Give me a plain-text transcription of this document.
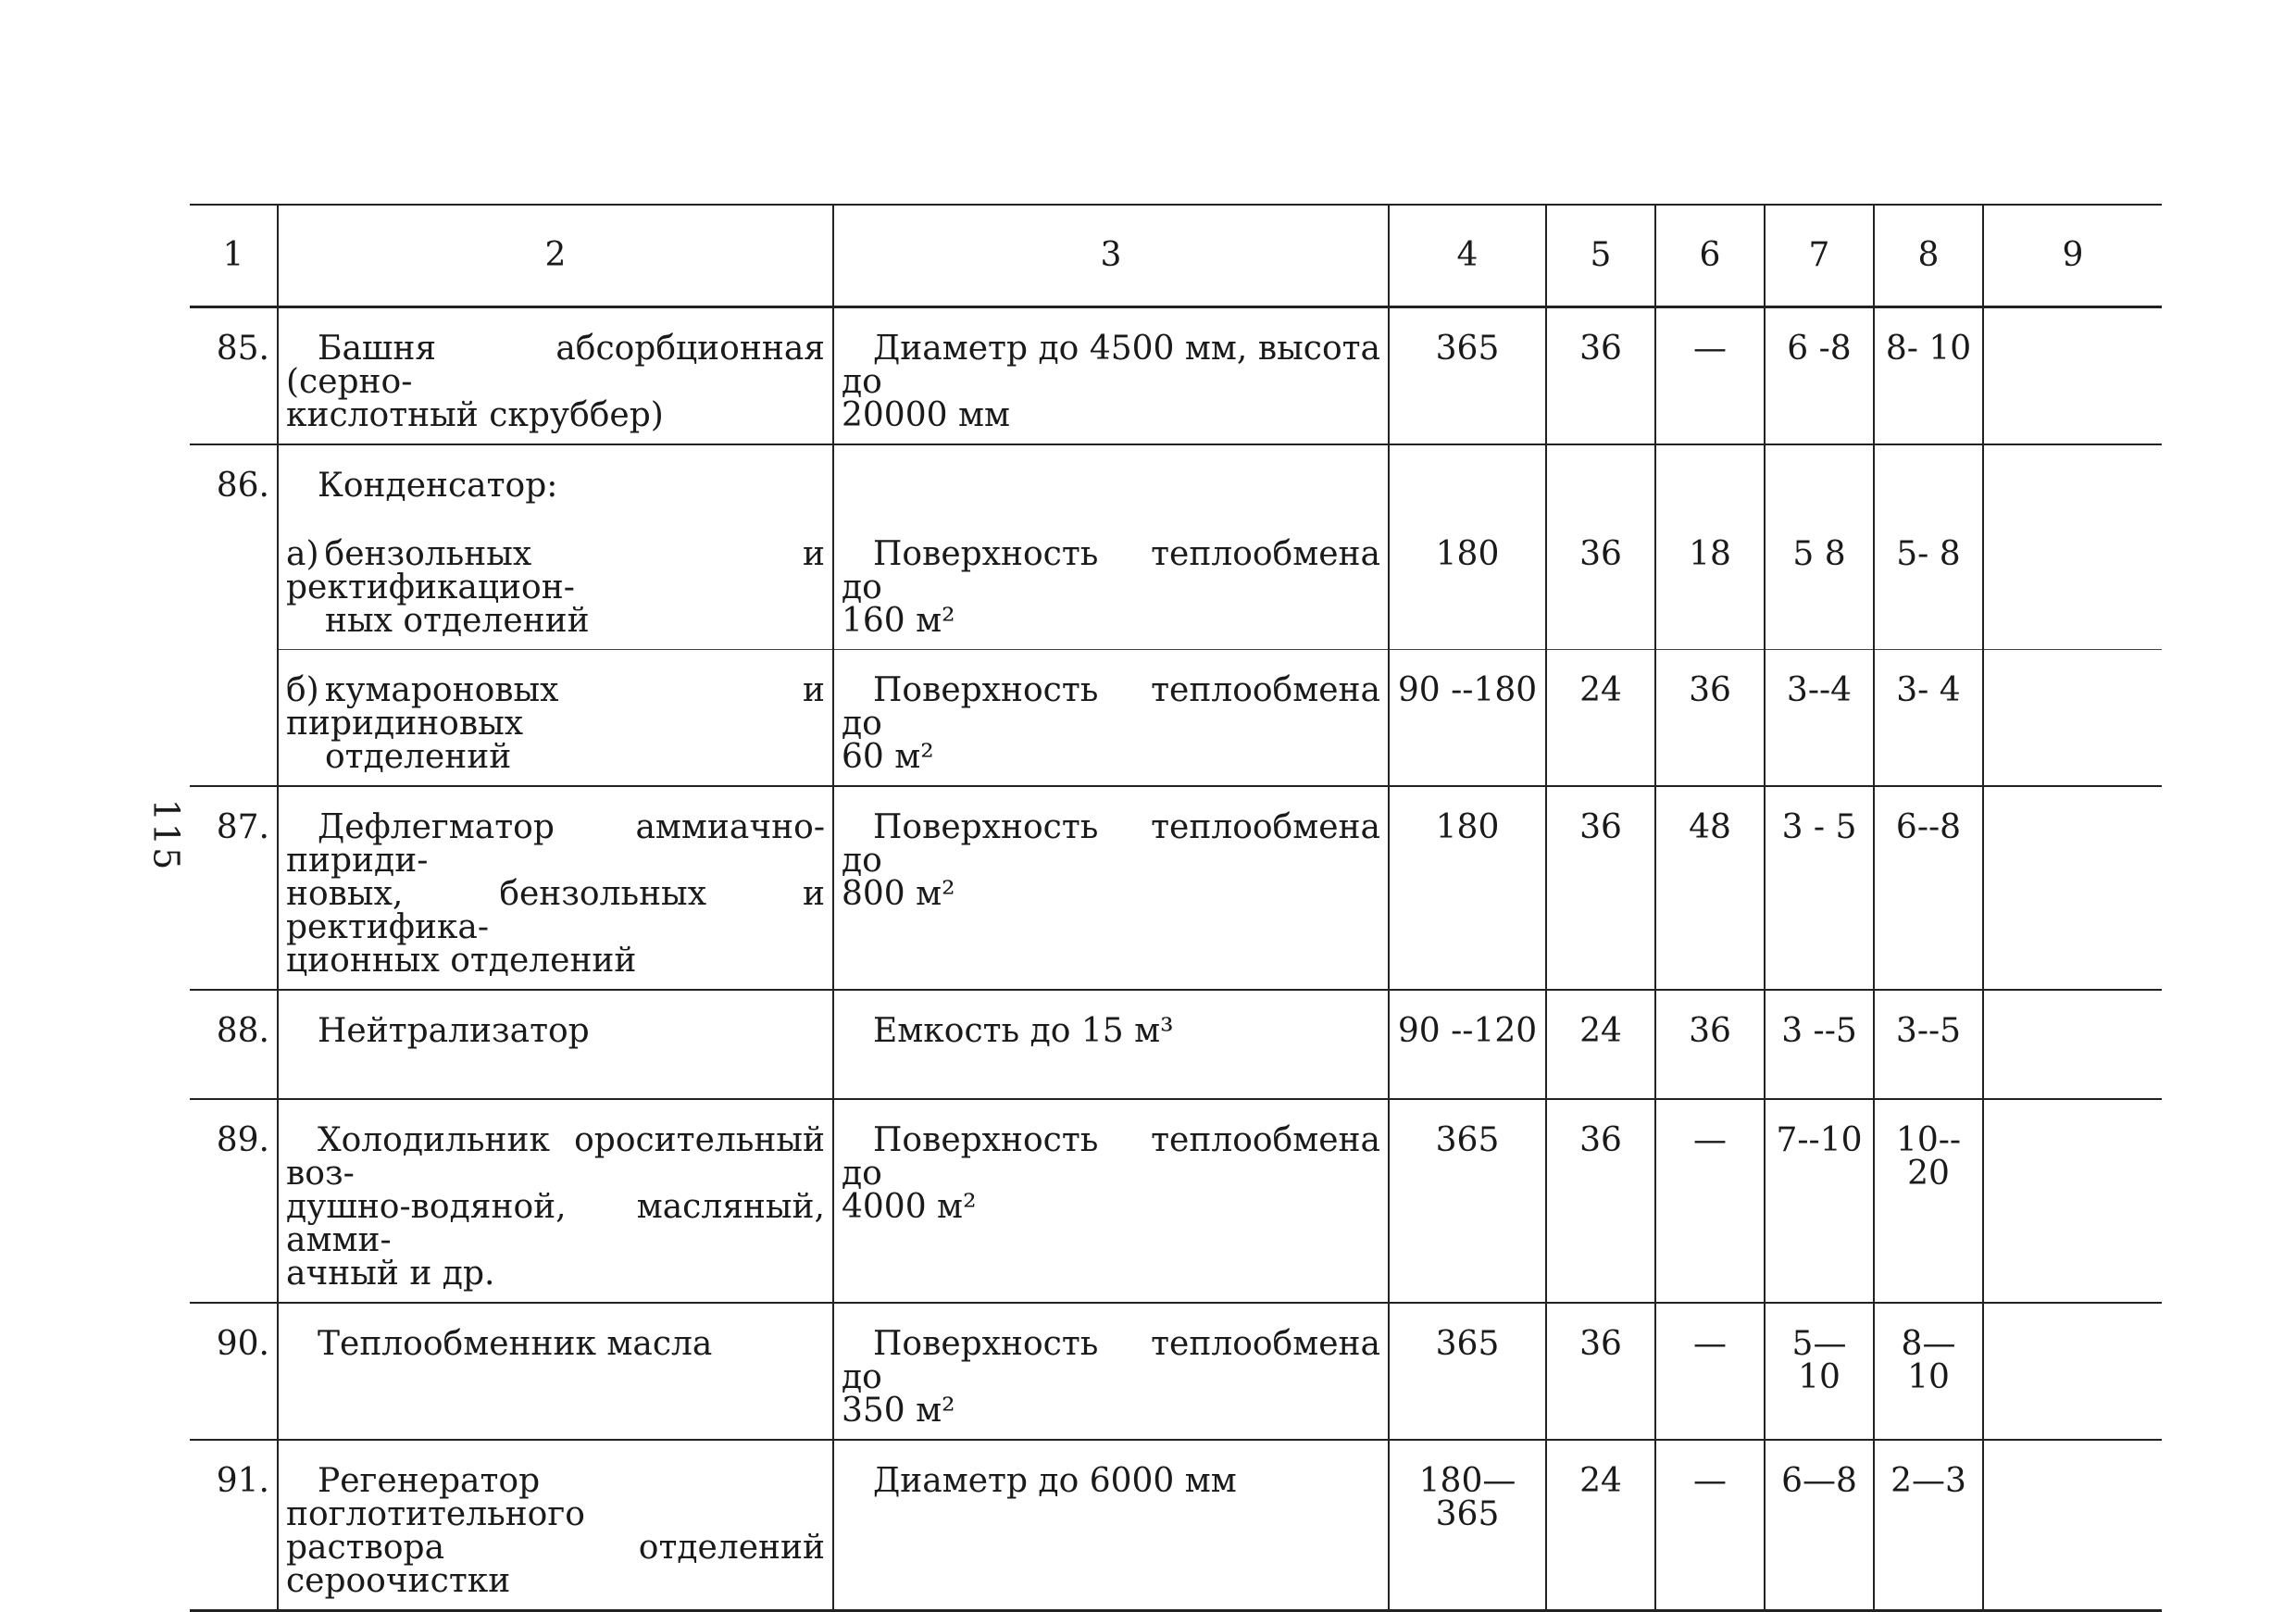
115
1	2	3	4	5	6	7	8	9
85.	Башня абсорбционная (серно-
кислотный скруббер)	Диаметр до 4500 мм, высота до
20000 мм	365	36	—	6 -8	8- 10	
86.	Конденсатор:
а) бензольных и ректификацион-
ных отделений	Поверхность теплообмена до
160 м²	180	36	18	5 8	5- 8	
	б) кумароновых и пиридиновых
отделений	Поверхность теплообмена до
60 м²	90 --180	24	36	3--4	3- 4	
87.	Дефлегматор аммиачно-пириди-
новых, бензольных и ректифика-
ционных отделений	Поверхность теплообмена до
800 м²	180	36	48	3 - 5	6--8	
88.	Нейтрализатор	Емкость до 15 м³	90 --120	24	36	3 --5	3--5	
89.	Холодильник оросительный воз-
душно-водяной, масляный, амми-
ачный и др.	Поверхность теплообмена до
4000 м²	365	36	—	7--10	10-- 20	
90.	Теплообменник масла	Поверхность теплообмена до
350 м²	365	36	—	5—10	8—10	
91.	Регенератор поглотительного
раствора отделений сероочистки	Диаметр до 6000 мм	180—365	24	—	6—8	2—3	
